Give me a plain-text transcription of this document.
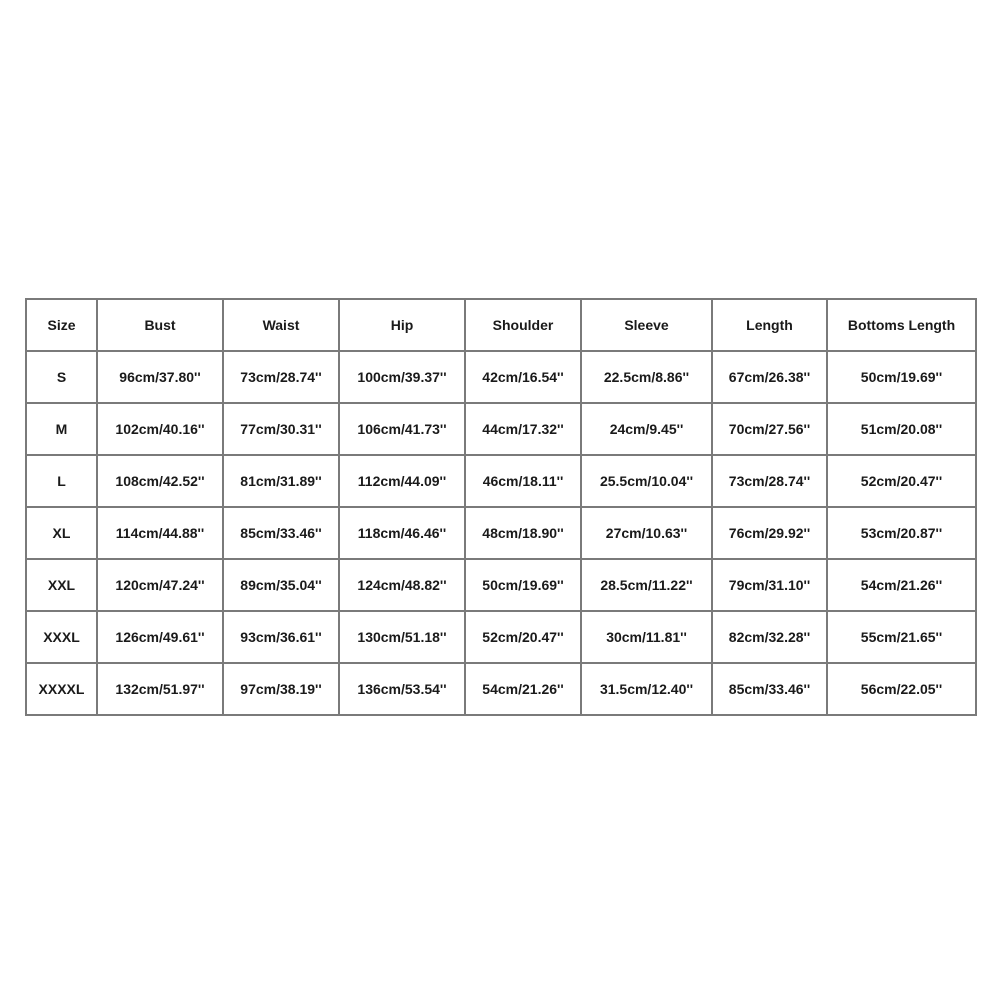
Size	Bust	Waist	Hip	Shoulder	Sleeve	Length	Bottoms Length
S	96cm/37.80''	73cm/28.74''	100cm/39.37''	42cm/16.54''	22.5cm/8.86''	67cm/26.38''	50cm/19.69''
M	102cm/40.16''	77cm/30.31''	106cm/41.73''	44cm/17.32''	24cm/9.45''	70cm/27.56''	51cm/20.08''
L	108cm/42.52''	81cm/31.89''	112cm/44.09''	46cm/18.11''	25.5cm/10.04''	73cm/28.74''	52cm/20.47''
XL	114cm/44.88''	85cm/33.46''	118cm/46.46''	48cm/18.90''	27cm/10.63''	76cm/29.92''	53cm/20.87''
XXL	120cm/47.24''	89cm/35.04''	124cm/48.82''	50cm/19.69''	28.5cm/11.22''	79cm/31.10''	54cm/21.26''
XXXL	126cm/49.61''	93cm/36.61''	130cm/51.18''	52cm/20.47''	30cm/11.81''	82cm/32.28''	55cm/21.65''
XXXXL	132cm/51.97''	97cm/38.19''	136cm/53.54''	54cm/21.26''	31.5cm/12.40''	85cm/33.46''	56cm/22.05''
